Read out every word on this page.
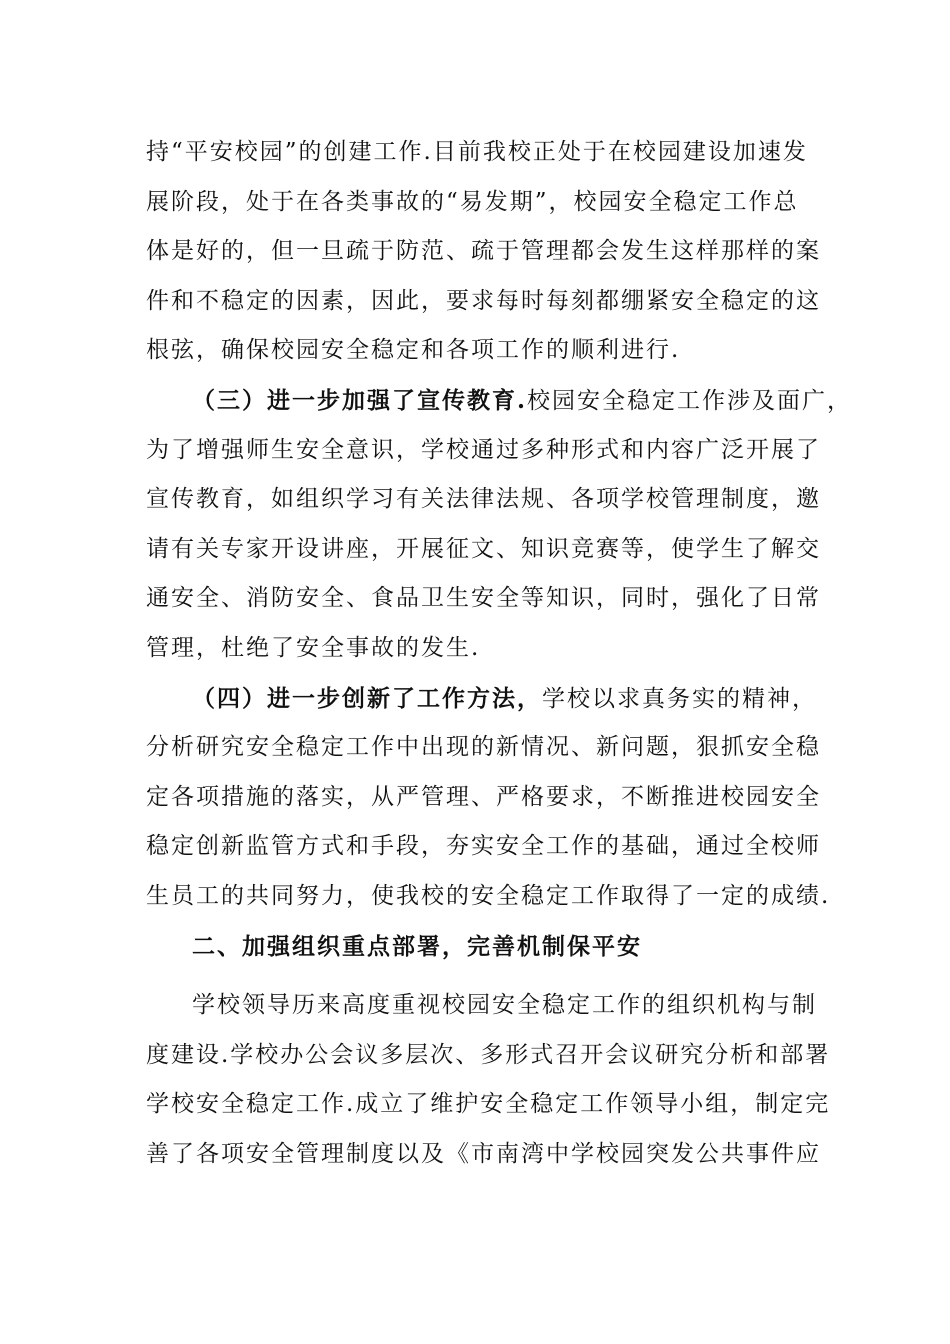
持“平安校园”的创建工作.目前我校正处于在校园建设加速发
展阶段，处于在各类事故的“易发期”，校园安全稳定工作总
体是好的，但一旦疏于防范、疏于管理都会发生这样那样的案
件和不稳定的因素，因此，要求每时每刻都绷紧安全稳定的这
根弦，确保校园安全稳定和各项工作的顺利进行.
（三）进一步加强了宣传教育.校园安全稳定工作涉及面广，
为了增强师生安全意识，学校通过多种形式和内容广泛开展了
宣传教育，如组织学习有关法律法规、各项学校管理制度，邀
请有关专家开设讲座，开展征文、知识竞赛等，使学生了解交
通安全、消防安全、食品卫生安全等知识，同时，强化了日常
管理，杜绝了安全事故的发生.
（四）进一步创新了工作方法，学校以求真务实的精神，
分析研究安全稳定工作中出现的新情况、新问题，狠抓安全稳
定各项措施的落实，从严管理、严格要求，不断推进校园安全
稳定创新监管方式和手段，夯实安全工作的基础，通过全校师
生员工的共同努力，使我校的安全稳定工作取得了一定的成绩.
二、加强组织重点部署，完善机制保平安
学校领导历来高度重视校园安全稳定工作的组织机构与制
度建设.学校办公会议多层次、多形式召开会议研究分析和部署
学校安全稳定工作.成立了维护安全稳定工作领导小组，制定完
善了各项安全管理制度以及《市南湾中学校园突发公共事件应
